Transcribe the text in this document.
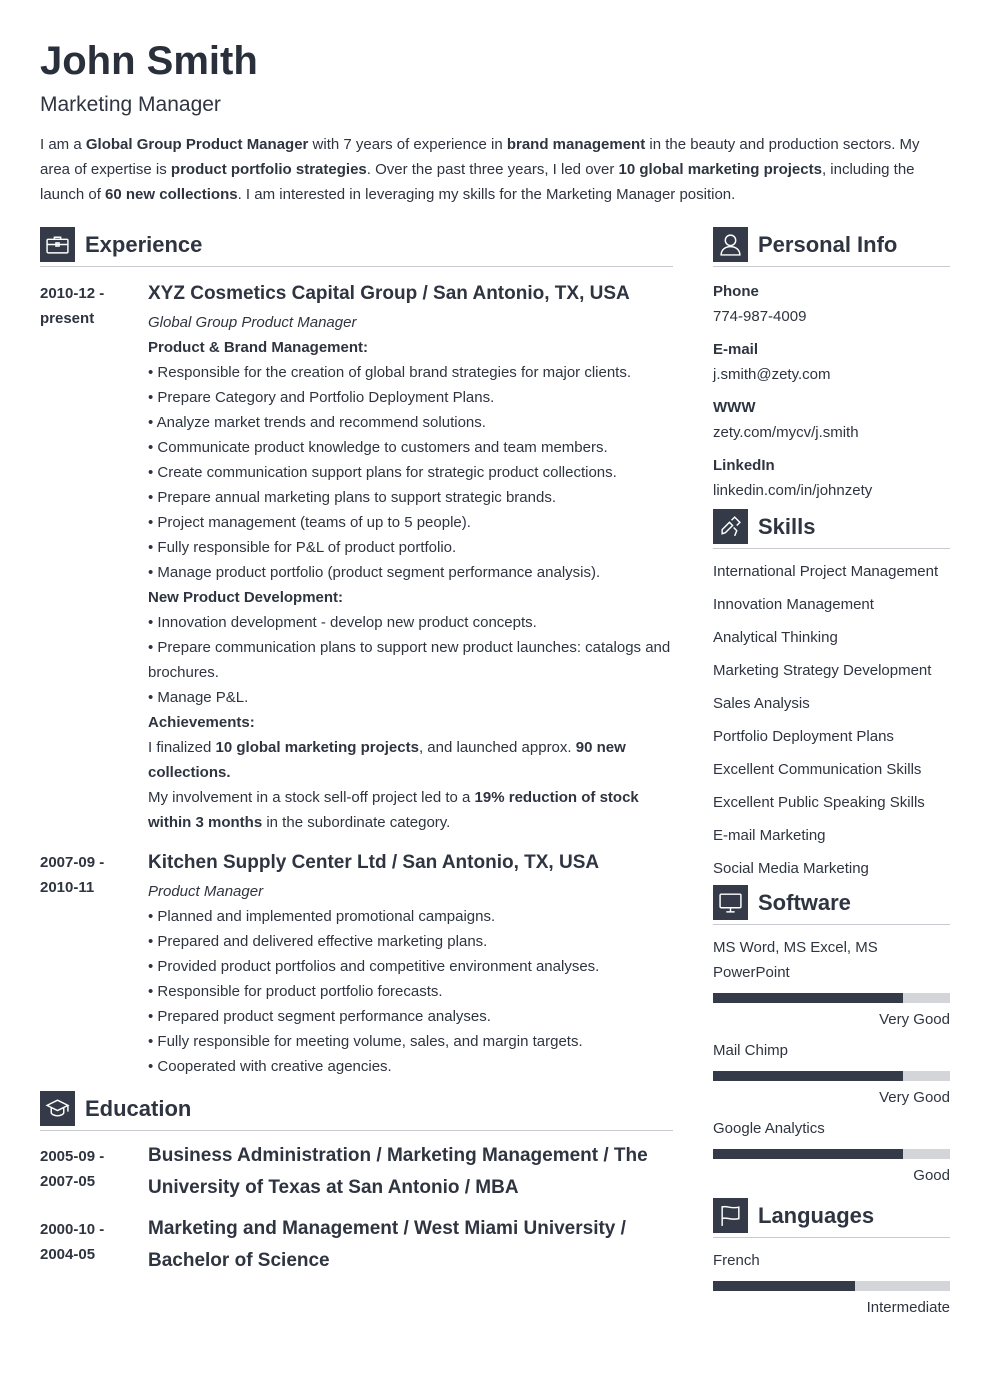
John Smith
Marketing Manager
I am a Global Group Product Manager with 7 years of experience in brand management in the beauty and production sectors. My area of expertise is product portfolio strategies. Over the past three years, I led over 10 global marketing projects, including the launch of 60 new collections. I am interested in leveraging my skills for the Marketing Manager position.
Experience
2010-12 -
present
XYZ Cosmetics Capital Group / San Antonio, TX, USA
Global Group Product Manager
Product & Brand Management:
• Responsible for the creation of global brand strategies for major clients.
• Prepare Category and Portfolio Deployment Plans.
• Analyze market trends and recommend solutions.
• Communicate product knowledge to customers and team members.
• Create communication support plans for strategic product collections.
• Prepare annual marketing plans to support strategic brands.
• Project management (teams of up to 5 people).
• Fully responsible for P&L of product portfolio.
• Manage product portfolio (product segment performance analysis).
New Product Development:
• Innovation development - develop new product concepts.
• Prepare communication plans to support new product launches: catalogs and brochures.
• Manage P&L.
Achievements:
I finalized 10 global marketing projects, and launched approx. 90 new collections.
My involvement in a stock sell-off project led to a 19% reduction of stock within 3 months in the subordinate category.
2007-09 -
2010-11
Kitchen Supply Center Ltd / San Antonio, TX, USA
Product Manager
• Planned and implemented promotional campaigns.
• Prepared and delivered effective marketing plans.
• Provided product portfolios and competitive environment analyses.
• Responsible for product portfolio forecasts.
• Prepared product segment performance analyses.
• Fully responsible for meeting volume, sales, and margin targets.
• Cooperated with creative agencies.
Education
2005-09 -
2007-05
Business Administration / Marketing Management / The University of Texas at San Antonio / MBA
2000-10 -
2004-05
Marketing and Management / West Miami University / Bachelor of Science
Personal Info
Phone
774-987-4009
E-mail
j.smith@zety.com
WWW
zety.com/mycv/j.smith
LinkedIn
linkedin.com/in/johnzety
Skills
International Project Management
Innovation Management
Analytical Thinking
Marketing Strategy Development
Sales Analysis
Portfolio Deployment Plans
Excellent Communication Skills
Excellent Public Speaking Skills
E-mail Marketing
Social Media Marketing
Software
MS Word, MS Excel, MS PowerPoint
Very Good
Mail Chimp
Very Good
Google Analytics
Good
Languages
French
Intermediate
